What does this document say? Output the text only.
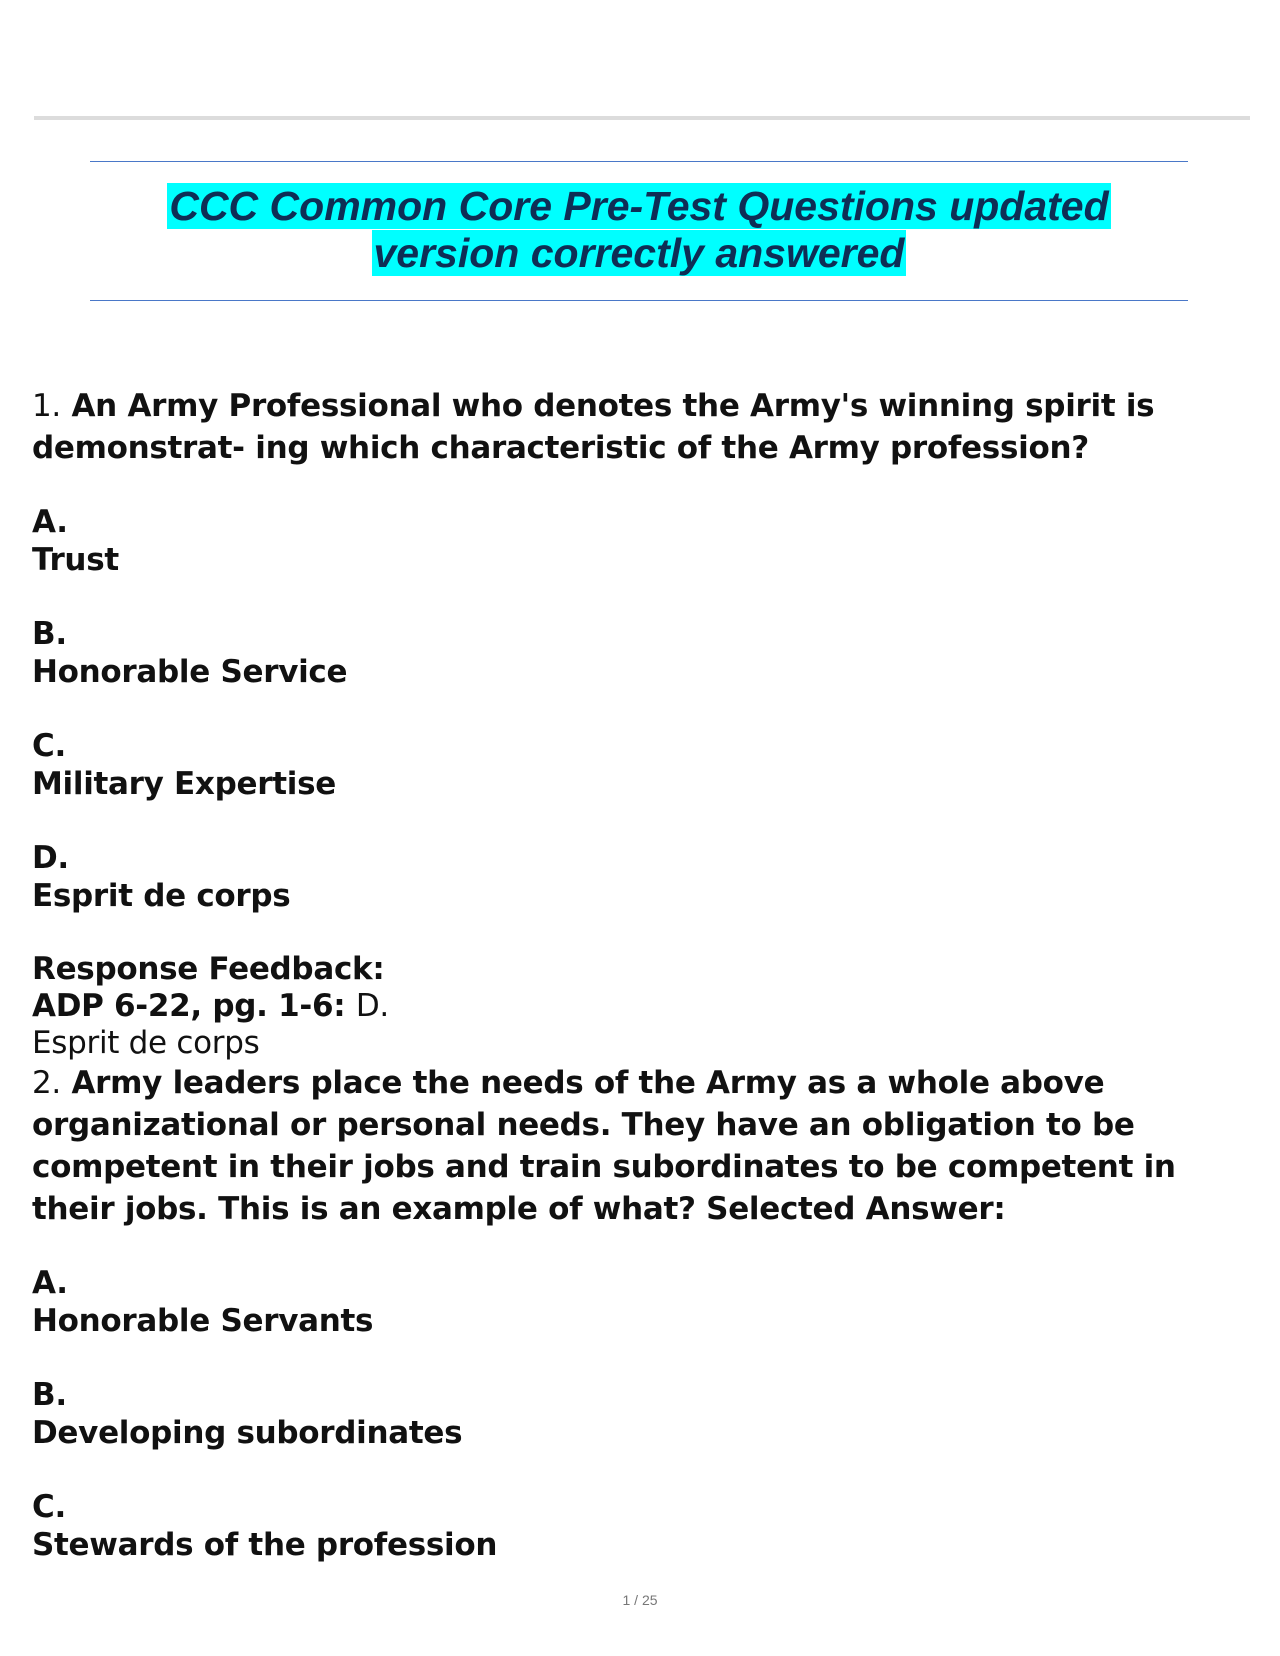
CCC Common Core Pre-Test Questions updated
version correctly answered

1. An Army Professional who denotes the Army's winning spirit is demonstrat- ing which characteristic of the Army profession?

A.

Trust

B.

Honorable Service

C.

Military Expertise

D.

Esprit de corps

Response Feedback:

ADP 6-22, pg. 1-6: D.

Esprit de corps

2. Army leaders place the needs of the Army as a whole above organizational or personal needs. They have an obligation to be competent in their jobs and train subordinates to be competent in their jobs. This is an example of what? Selected Answer:

A.

Honorable Servants

B.

Developing subordinates

C.

Stewards of the profession

1 / 25
